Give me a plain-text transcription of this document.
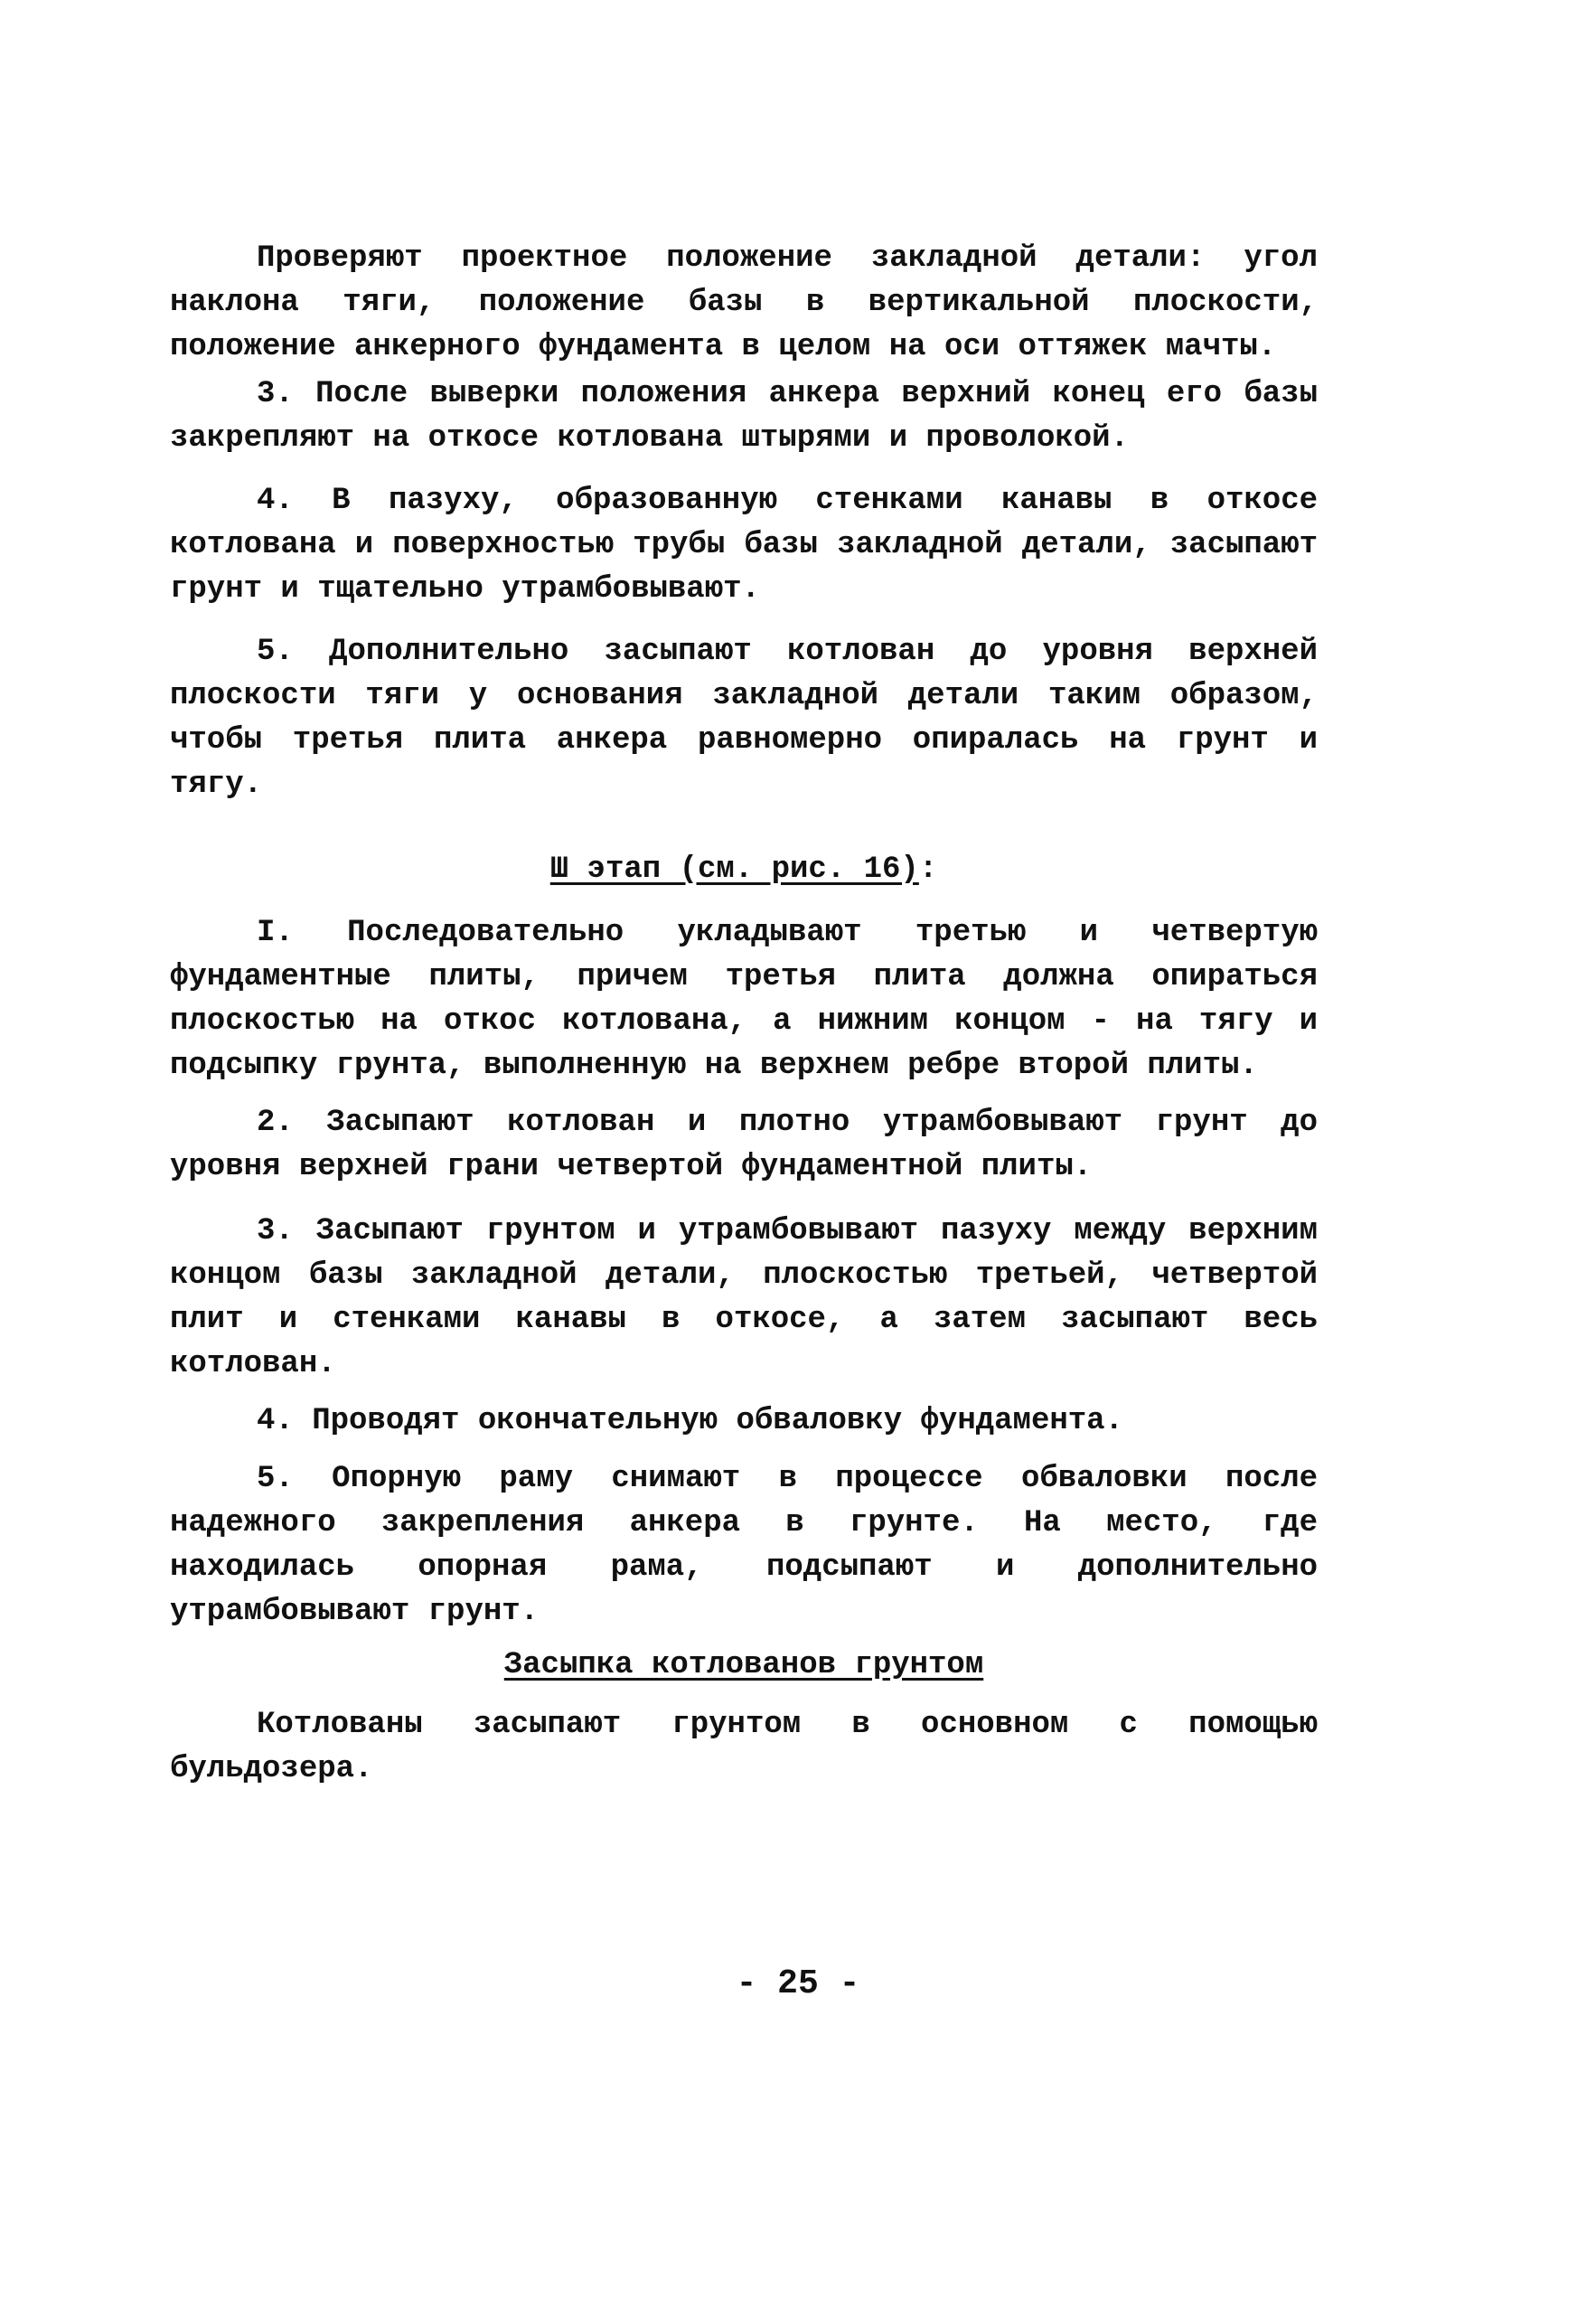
Проверяют проектное положение закладной детали: угол наклона тяги, положение базы в вертикальной плоскости, положение анкерного фундамента в целом на оси оттяжек мачты.

3. После выверки положения анкера верхний конец его базы закрепляют на откосе котлована штырями и проволокой.

4. В пазуху, образованную стенками канавы в откосе котлована и поверхностью трубы базы закладной детали, засыпают грунт и тщательно утрамбовывают.

5. Дополнительно засыпают котлован до уровня верхней плоскости тяги у основания закладной детали таким образом, чтобы третья плита анкера равномерно опиралась на грунт и тягу.

Ш этап (см. рис. 16):

I. Последовательно укладывают третью и четвертую фундаментные плиты, причем третья плита должна опираться плоскостью на откос котлована, а нижним концом - на тягу и подсыпку грунта, выполненную на верхнем ребре второй плиты.

2. Засыпают котлован и плотно утрамбовывают грунт до уровня верхней грани четвертой фундаментной плиты.

3. Засыпают грунтом и утрамбовывают пазуху между верхним концом базы закладной детали, плоскостью третьей, четвертой плит и стенками канавы в откосе, а затем засыпают весь котлован.

4. Проводят окончательную обваловку фундамента.

5. Опорную раму снимают в процессе обваловки после надежного закрепления анкера в грунте. На место, где находилась опорная рама, подсыпают и дополнительно утрамбовывают грунт.

Засыпка котлованов грунтом

Котлованы засыпают грунтом в основном с помощью бульдозера.

- 25 -
